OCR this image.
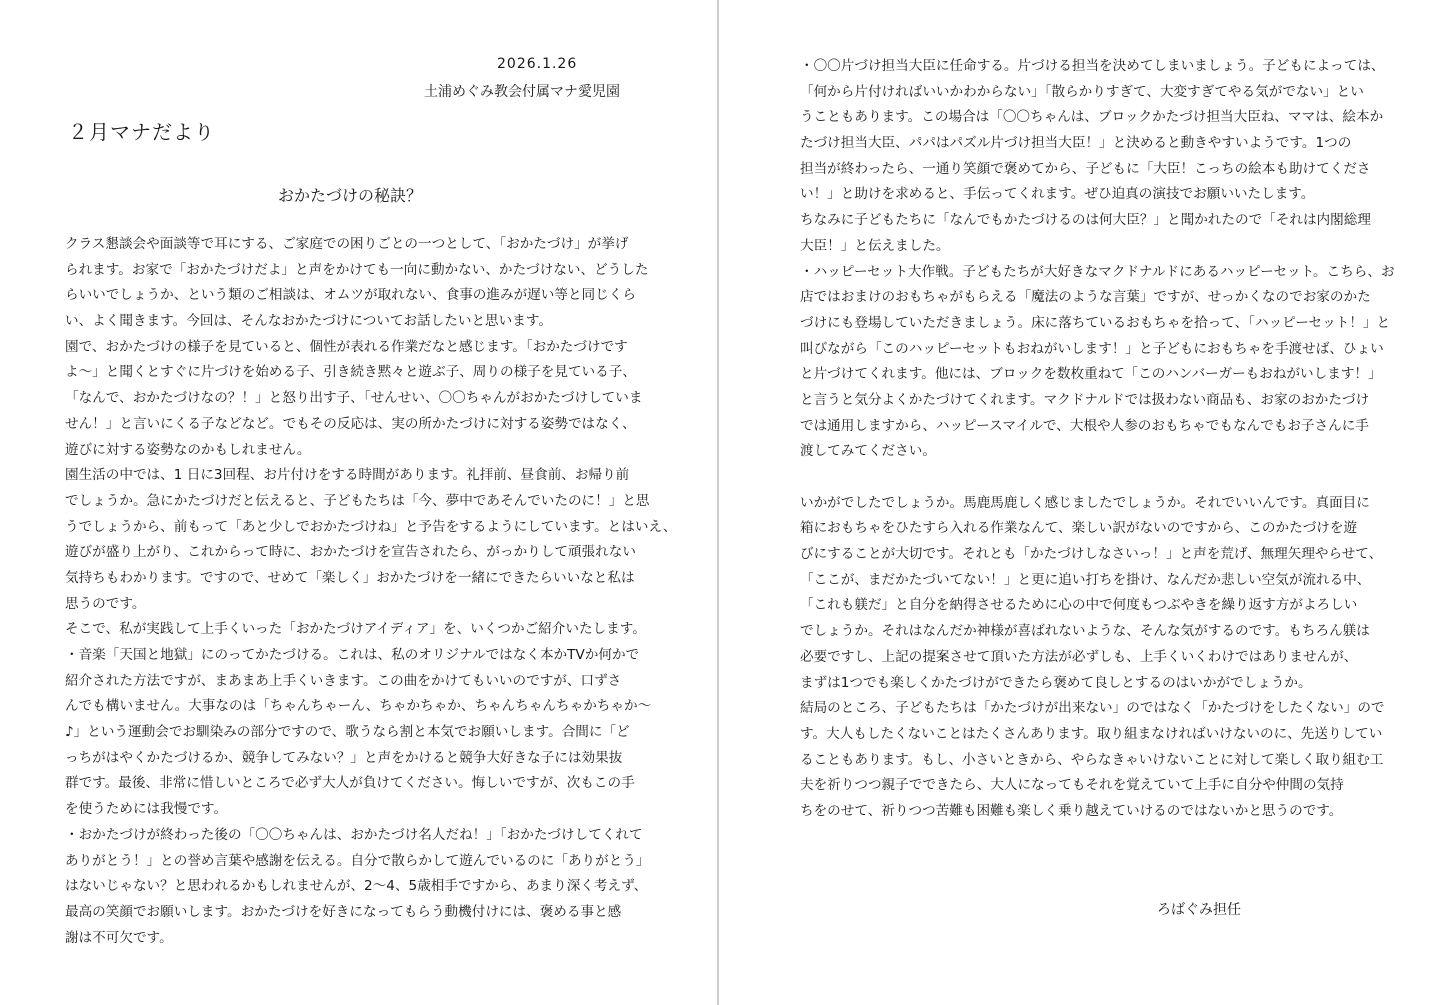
2026.1.26
土浦めぐみ教会付属マナ愛児園
２月マナだより
おかたづけの秘訣？
クラス懇談会や面談等で耳にする、ご家庭での困りごとの一つとして、「おかたづけ」が挙げ
られます。お家で「おかたづけだよ」と声をかけても一向に動かない、かたづけない、どうした
らいいでしょうか、という類のご相談は、オムツが取れない、食事の進みが遅い等と同じくら
い、よく聞きます。今回は、そんなおかたづけについてお話したいと思います。
園で、おかたづけの様子を見ていると、個性が表れる作業だなと感じます。「おかたづけです
よ～」と聞くとすぐに片づけを始める子、引き続き黙々と遊ぶ子、周りの様子を見ている子、
「なんで、おかたづけなの？！」と怒り出す子、「せんせい、〇〇ちゃんがおかたづけしていま
せん！」と言いにくる子などなど。でもその反応は、実の所かたづけに対する姿勢ではなく、
遊びに対する姿勢なのかもしれません。
園生活の中では、1 日に3回程、お片付けをする時間があります。礼拝前、昼食前、お帰り前
でしょうか。急にかたづけだと伝えると、子どもたちは「今、夢中であそんでいたのに！」と思
うでしょうから、前もって「あと少しでおかたづけね」と予告をするようにしています。とはいえ、
遊びが盛り上がり、これからって時に、おかたづけを宣告されたら、がっかりして頑張れない
気持ちもわかります。ですので、せめて「楽しく」おかたづけを一緒にできたらいいなと私は
思うのです。
そこで、私が実践して上手くいった「おかたづけアイディア」を、いくつかご紹介いたします。
・音楽「天国と地獄」にのってかたづける。これは、私のオリジナルではなく本かTVか何かで
紹介された方法ですが、まあまあ上手くいきます。この曲をかけてもいいのですが、口ずさ
んでも構いません。大事なのは「ちゃんちゃーん、ちゃかちゃか、ちゃんちゃんちゃかちゃか～
♪」という運動会でお馴染みの部分ですので、歌うなら割と本気でお願いします。合間に「ど
っちがはやくかたづけるか、競争してみない？」と声をかけると競争大好きな子には効果抜
群です。最後、非常に惜しいところで必ず大人が負けてください。悔しいですが、次もこの手
を使うためには我慢です。
・おかたづけが終わった後の「〇〇ちゃんは、おかたづけ名人だね！」「おかたづけしてくれて
ありがとう！」との誉め言葉や感謝を伝える。自分で散らかして遊んでいるのに「ありがとう」
はないじゃない？と思われるかもしれませんが、2～4、5歳相手ですから、あまり深く考えず、
最高の笑顔でお願いします。おかたづけを好きになってもらう動機付けには、褒める事と感
謝は不可欠です。
・〇〇片づけ担当大臣に任命する。片づける担当を決めてしまいましょう。子どもによっては、
「何から片付ければいいかわからない」「散らかりすぎて、大変すぎてやる気がでない」とい
うこともあります。この場合は「〇〇ちゃんは、ブロックかたづけ担当大臣ね、ママは、絵本か
たづけ担当大臣、パパはパズル片づけ担当大臣！」と決めると動きやすいようです。1つの
担当が終わったら、一通り笑顔で褒めてから、子どもに「大臣！こっちの絵本も助けてくださ
い！」と助けを求めると、手伝ってくれます。ぜひ迫真の演技でお願いいたします。
ちなみに子どもたちに「なんでもかたづけるのは何大臣？」と聞かれたので「それは内閣総理
大臣！」と伝えました。
・ハッピーセット大作戦。子どもたちが大好きなマクドナルドにあるハッピーセット。こちら、お
店ではおまけのおもちゃがもらえる「魔法のような言葉」ですが、せっかくなのでお家のかた
づけにも登場していただきましょう。床に落ちているおもちゃを拾って、「ハッピーセット！」と
叫びながら「このハッピーセットもおねがいします！」と子どもにおもちゃを手渡せば、ひょい
と片づけてくれます。他には、ブロックを数枚重ねて「このハンバーガーもおねがいします！」
と言うと気分よくかたづけてくれます。マクドナルドでは扱わない商品も、お家のおかたづけ
では通用しますから、ハッピースマイルで、大根や人参のおもちゃでもなんでもお子さんに手
渡してみてください。
いかがでしたでしょうか。馬鹿馬鹿しく感じましたでしょうか。それでいいんです。真面目に
箱におもちゃをひたすら入れる作業なんて、楽しい訳がないのですから、このかたづけを遊
びにすることが大切です。それとも「かたづけしなさいっ！」と声を荒げ、無理矢理やらせて、
「ここが、まだかたづいてない！」と更に追い打ちを掛け、なんだか悲しい空気が流れる中、
「これも躾だ」と自分を納得させるために心の中で何度もつぶやきを繰り返す方がよろしい
でしょうか。それはなんだか神様が喜ばれないような、そんな気がするのです。もちろん躾は
必要ですし、上記の提案させて頂いた方法が必ずしも、上手くいくわけではありませんが、
まずは1つでも楽しくかたづけができたら褒めて良しとするのはいかがでしょうか。
結局のところ、子どもたちは「かたづけが出来ない」のではなく「かたづけをしたくない」ので
す。大人もしたくないことはたくさんあります。取り組まなければいけないのに、先送りしてい
ることもあります。もし、小さいときから、やらなきゃいけないことに対して楽しく取り組む工
夫を祈りつつ親子でできたら、大人になってもそれを覚えていて上手に自分や仲間の気持
ちをのせて、祈りつつ苦難も困難も楽しく乗り越えていけるのではないかと思うのです。
ろばぐみ担任
